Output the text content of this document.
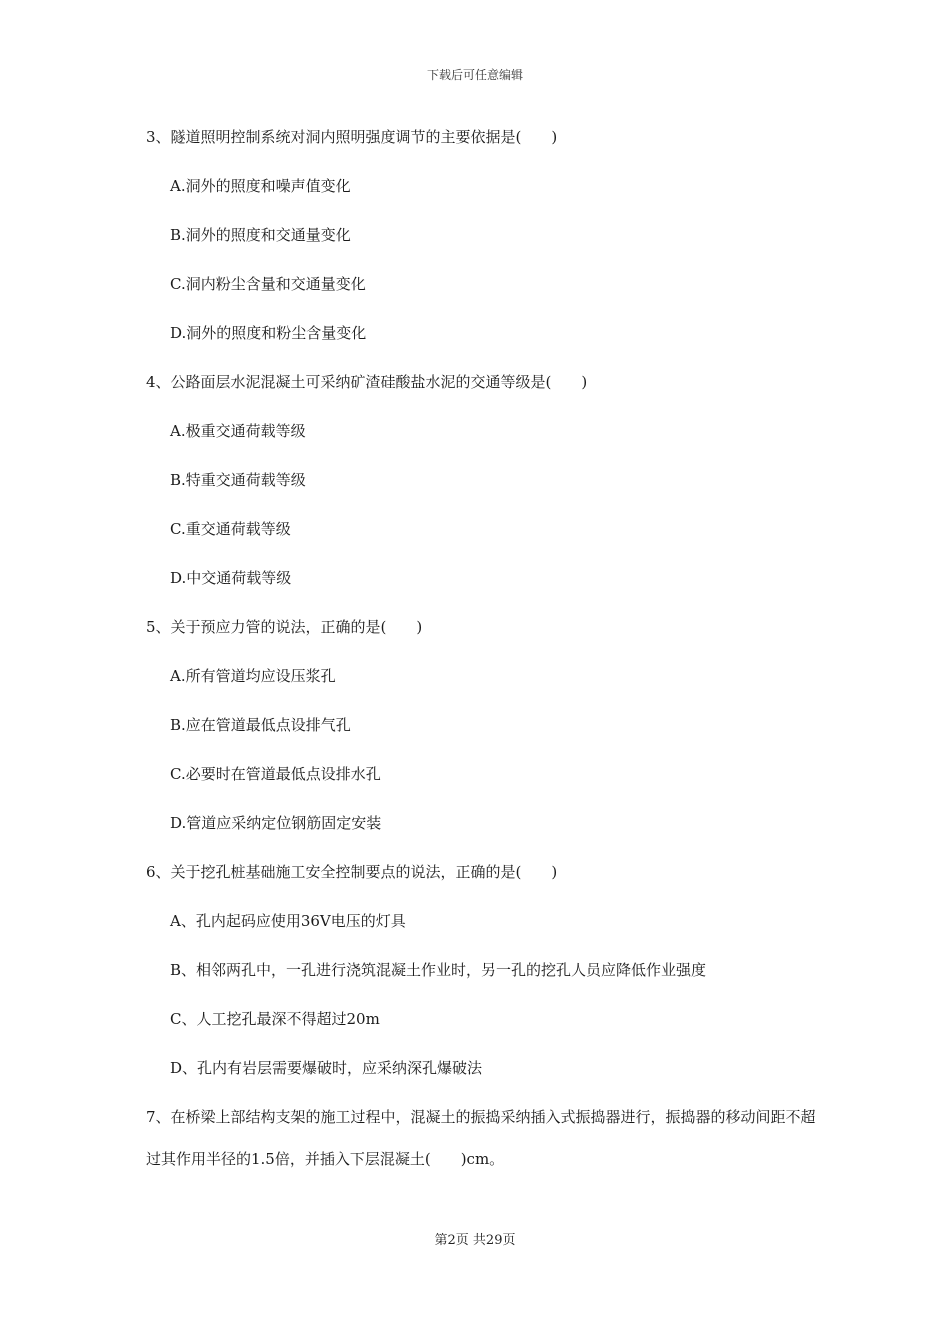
下载后可任意编辑
3、隧道照明控制系统对洞内照明强度调节的主要依据是(　　)
A.洞外的照度和噪声值变化
B.洞外的照度和交通量变化
C.洞内粉尘含量和交通量变化
D.洞外的照度和粉尘含量变化
4、公路面层水泥混凝土可采纳矿渣硅酸盐水泥的交通等级是(　　)
A.极重交通荷载等级
B.特重交通荷载等级
C.重交通荷载等级
D.中交通荷载等级
5、关于预应力管的说法，正确的是(　　)
A.所有管道均应设压浆孔
B.应在管道最低点设排气孔
C.必要时在管道最低点设排水孔
D.管道应采纳定位钢筋固定安装
6、关于挖孔桩基础施工安全控制要点的说法，正确的是(　　)
A、孔内起码应使用36V电压的灯具
B、相邻两孔中，一孔进行浇筑混凝土作业时，另一孔的挖孔人员应降低作业强度
C、人工挖孔最深不得超过20m
D、孔内有岩层需要爆破时，应采纳深孔爆破法
7、在桥梁上部结构支架的施工过程中，混凝土的振捣采纳插入式振捣器进行，振捣器的移动间距不超过其作用半径的1.5倍，并插入下层混凝土(　　)cm。
第2页 共29页
